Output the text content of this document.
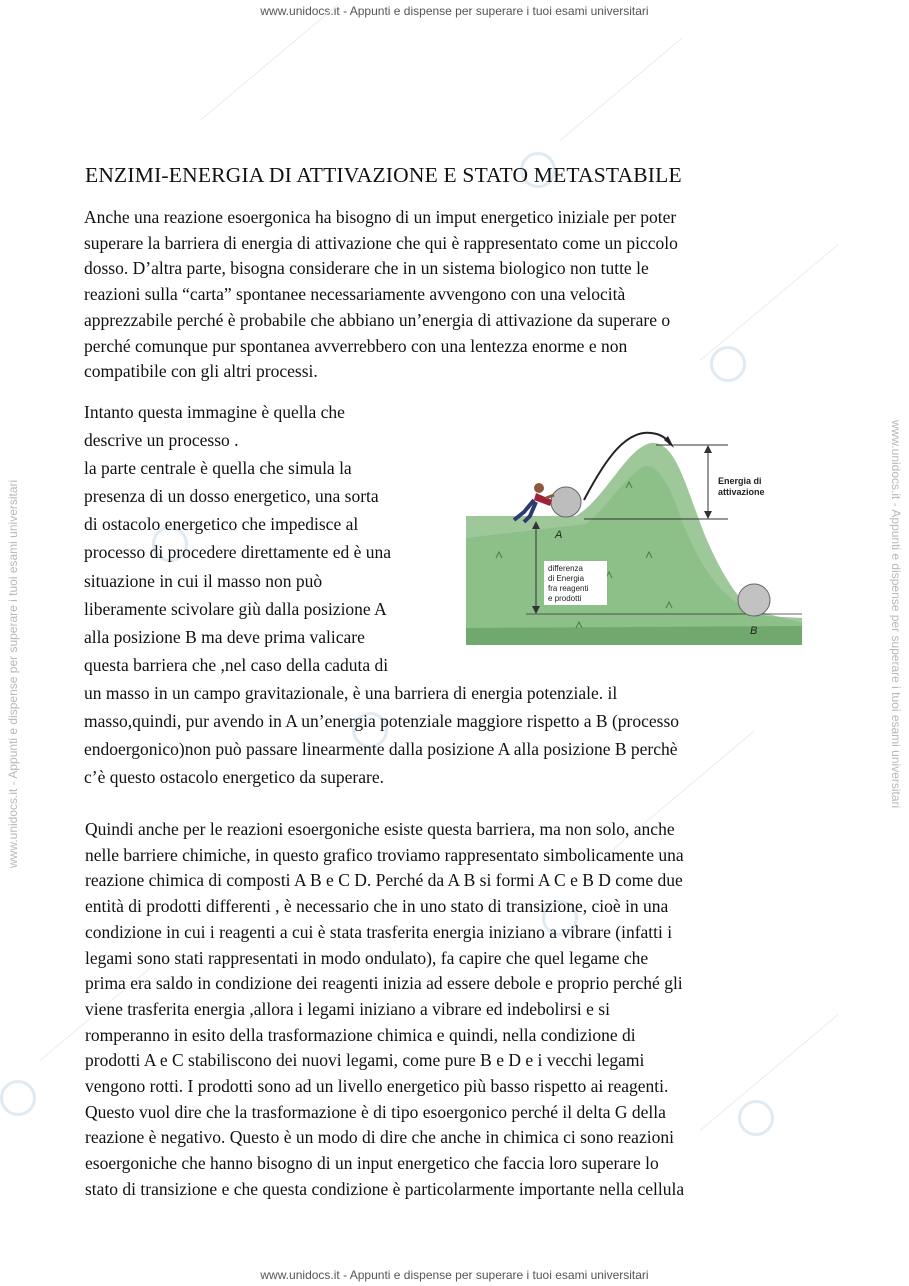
www.unidocs.it - Appunti e dispense per superare i tuoi esami universitari
www.unidocs.it - Appunti e dispense per superare i tuoi esami universitari
www.unidocs.it - Appunti e dispense per superare i tuoi esami universitari	www.unidocs.it - Appunti e dispense per superare i tuoi esami universitari
ENZIMI-ENERGIA DI ATTIVAZIONE E STATO METASTABILE
Anche una reazione esoergonica ha bisogno di un imput energetico iniziale per poter
superare la barriera di energia di attivazione che qui è rappresentato come un piccolo
dosso. D’altra parte, bisogna considerare che in un sistema biologico non tutte le
reazioni sulla “carta” spontanee necessariamente avvengono con una velocità
apprezzabile perché è probabile che abbiano un’energia di attivazione da superare o
perché comunque pur spontanea avverrebbero con una lentezza enorme e non
compatibile con gli altri processi.
Intanto questa immagine è quella che
descrive un processo .
la parte centrale è quella che simula la
presenza di un dosso energetico, una sorta
di ostacolo energetico che impedisce al
processo di procedere direttamente ed è una
situazione in cui il masso non può
liberamente scivolare giù dalla posizione A
alla posizione B ma deve prima valicare
questa barriera che ,nel caso della caduta di
un masso in un campo gravitazionale, è una barriera di energia potenziale. il
masso,quindi, pur avendo in A un’energia potenziale maggiore rispetto a B (processo
endoergonico)non può passare linearmente dalla posizione A alla posizione B perchè
c’è questo ostacolo energetico da superare.
Energia di
attivazione
differenza
di Energia
fra reagenti
e prodotti
A
B
Quindi anche per le reazioni esoergoniche esiste questa barriera, ma non solo, anche
nelle barriere chimiche, in questo grafico troviamo rappresentato simbolicamente una
reazione chimica di composti A B e C D. Perché da A B si formi A C e B D come due
entità di prodotti differenti , è necessario che in uno stato di transizione, cioè in una
condizione in cui i reagenti a cui è stata trasferita energia iniziano a vibrare (infatti i
legami sono stati rappresentati in modo ondulato), fa capire che quel legame che
prima era saldo in condizione dei reagenti inizia ad essere debole e proprio perché gli
viene trasferita energia ,allora i legami iniziano a vibrare ed indebolirsi e si
romperanno in esito della trasformazione chimica e quindi, nella condizione di
prodotti A e C stabiliscono dei nuovi legami, come pure B e D e i vecchi legami
vengono rotti. I prodotti sono ad un livello energetico più basso rispetto ai reagenti.
Questo vuol dire che la trasformazione è di tipo esoergonico perché il delta G della
reazione è negativo. Questo è un modo di dire che anche in chimica ci sono reazioni
esoergoniche che hanno bisogno di un input energetico che faccia loro superare lo
stato di transizione e che questa condizione è particolarmente importante nella cellula
